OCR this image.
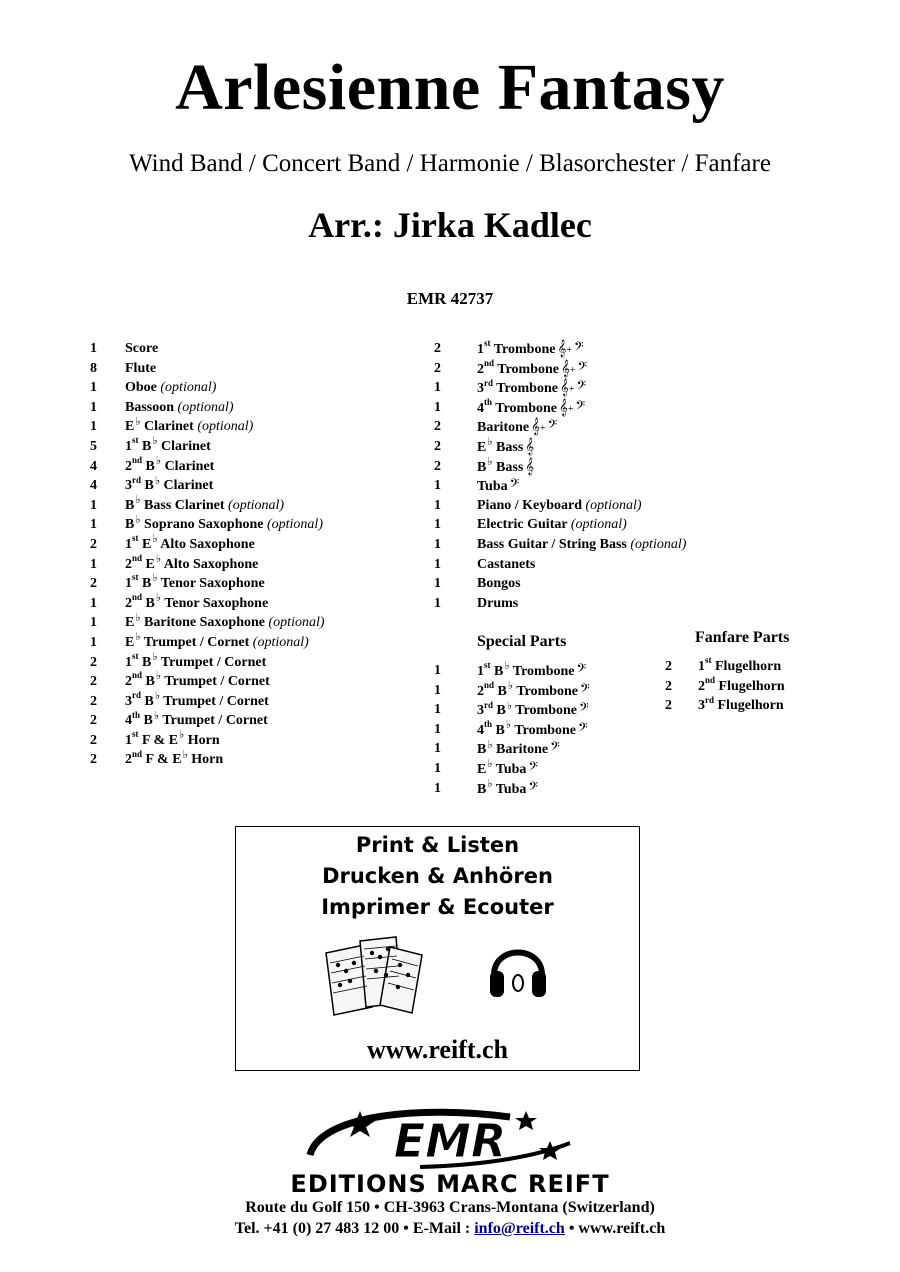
Arlesienne Fantasy
Wind Band / Concert Band / Harmonie / Blasorchester / Fanfare
Arr.: Jirka Kadlec
EMR 42737
1 Score
8 Flute
1 Oboe (optional)
1 Bassoon (optional)
1 E♭ Clarinet (optional)
5 1st B♭ Clarinet
4 2nd B♭ Clarinet
4 3rd B♭ Clarinet
1 B♭ Bass Clarinet (optional)
1 B♭ Soprano Saxophone (optional)
2 1st E♭ Alto Saxophone
1 2nd E♭ Alto Saxophone
2 1st B♭ Tenor Saxophone
1 2nd B♭ Tenor Saxophone
1 E♭ Baritone Saxophone (optional)
1 E♭ Trumpet / Cornet (optional)
2 1st B♭ Trumpet / Cornet
2 2nd B♭ Trumpet / Cornet
2 3rd B♭ Trumpet / Cornet
2 4th B♭ Trumpet / Cornet
2 1st F & E♭ Horn
2 2nd F & E♭ Horn
2	1st Trombone 𝄞+ 𝄢
2	2nd Trombone 𝄞+ 𝄢
1	3rd Trombone 𝄞+ 𝄢
1	4th Trombone 𝄞+ 𝄢
2	Baritone 𝄞+ 𝄢
2	E♭ Bass 𝄞
2	B♭ Bass 𝄞
1	Tuba 𝄢
1	Piano / Keyboard (optional)
1	Electric Guitar (optional)
1	Bass Guitar / String Bass (optional)
1	Castanets
1	Bongos
1	Drums
Special Parts
1	1st B♭ Trombone 𝄢
1	2nd B♭ Trombone 𝄢
1	3rd B♭ Trombone 𝄢
1	4th B♭ Trombone 𝄢
1	B♭ Baritone 𝄢
1	E♭ Tuba 𝄢
1	B♭ Tuba 𝄢
Fanfare Parts
2 1st Flugelhorn
2 2nd Flugelhorn
2 3rd Flugelhorn
Print & Listen
Drucken & Anhören
Imprimer & Ecouter
www.reift.ch
EMR
EDITIONS MARC REIFT
Route du Golf 150 • CH-3963 Crans-Montana (Switzerland)
Tel. +41 (0) 27 483 12 00 • E-Mail : info@reift.ch • www.reift.ch
